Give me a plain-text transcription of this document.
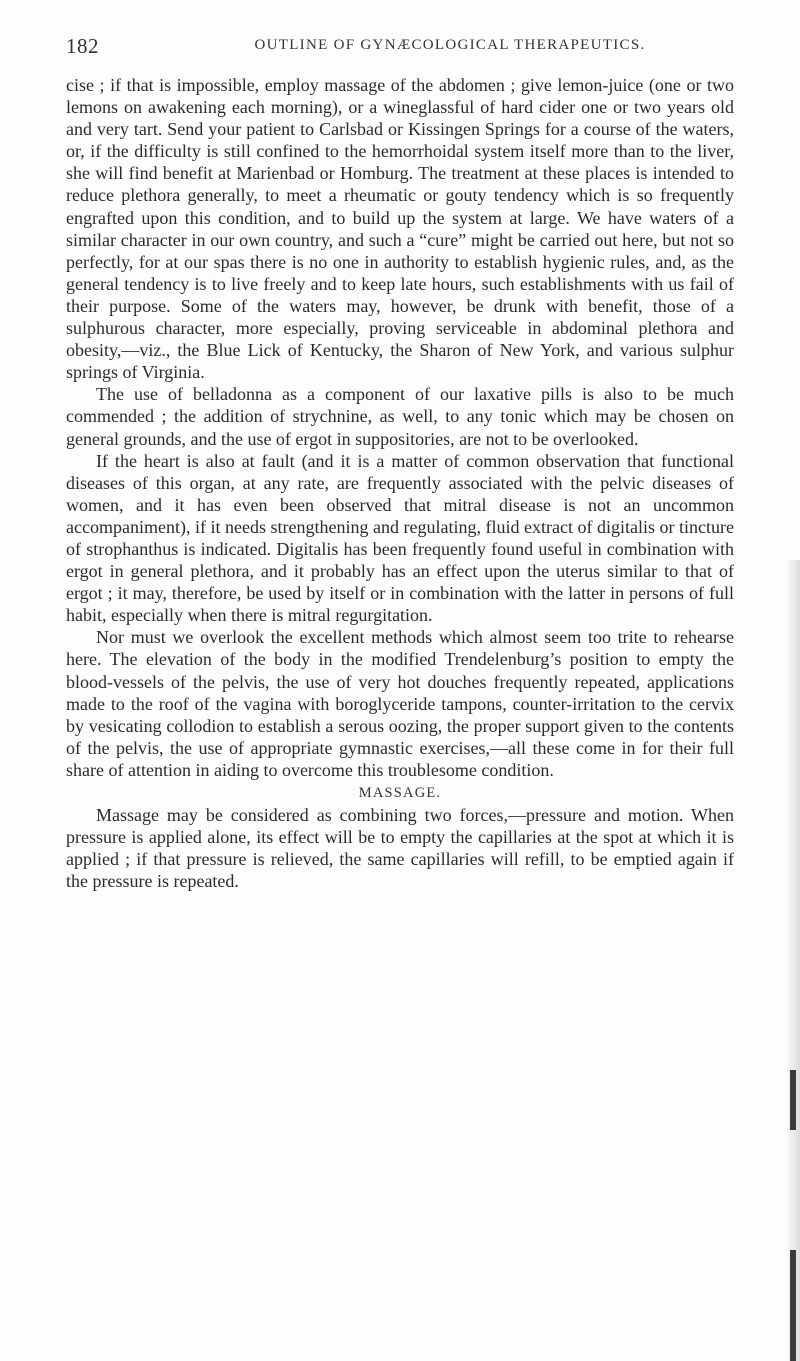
182	OUTLINE OF GYNÆCOLOGICAL THERAPEUTICS.

cise ; if that is impossible, employ massage of the abdomen ; give lemon-juice (one or two lemons on awakening each morning), or a wineglassful of hard cider one or two years old and very tart. Send your patient to Carlsbad or Kissingen Springs for a course of the waters, or, if the difficulty is still confined to the hemorrhoidal system itself more than to the liver, she will find benefit at Marienbad or Homburg. The treatment at these places is intended to reduce plethora generally, to meet a rheumatic or gouty tendency which is so frequently engrafted upon this condition, and to build up the system at large. We have waters of a similar character in our own country, and such a “cure” might be carried out here, but not so perfectly, for at our spas there is no one in authority to establish hygienic rules, and, as the general tendency is to live freely and to keep late hours, such establishments with us fail of their purpose. Some of the waters may, however, be drunk with benefit, those of a sulphurous character, more especially, proving serviceable in abdominal plethora and obesity,—viz., the Blue Lick of Kentucky, the Sharon of New York, and various sulphur springs of Virginia.

The use of belladonna as a component of our laxative pills is also to be much commended ; the addition of strychnine, as well, to any tonic which may be chosen on general grounds, and the use of ergot in suppositories, are not to be overlooked.

If the heart is also at fault (and it is a matter of common observation that functional diseases of this organ, at any rate, are frequently associated with the pelvic diseases of women, and it has even been observed that mitral disease is not an uncommon accompaniment), if it needs strengthening and regulating, fluid extract of digitalis or tincture of strophanthus is indicated. Digitalis has been frequently found useful in combination with ergot in general plethora, and it probably has an effect upon the uterus similar to that of ergot ; it may, therefore, be used by itself or in combination with the latter in persons of full habit, especially when there is mitral regurgitation.

Nor must we overlook the excellent methods which almost seem too trite to rehearse here. The elevation of the body in the modified Trendelenburg’s position to empty the blood-vessels of the pelvis, the use of very hot douches frequently repeated, applications made to the roof of the vagina with boroglyceride tampons, counter-irritation to the cervix by vesicating collodion to establish a serous oozing, the proper support given to the contents of the pelvis, the use of appropriate gymnastic exercises,—all these come in for their full share of attention in aiding to overcome this troublesome condition.

MASSAGE.

Massage may be considered as combining two forces,—pressure and motion. When pressure is applied alone, its effect will be to empty the capillaries at the spot at which it is applied ; if that pressure is relieved, the same capillaries will refill, to be emptied again if the pressure is repeated.
